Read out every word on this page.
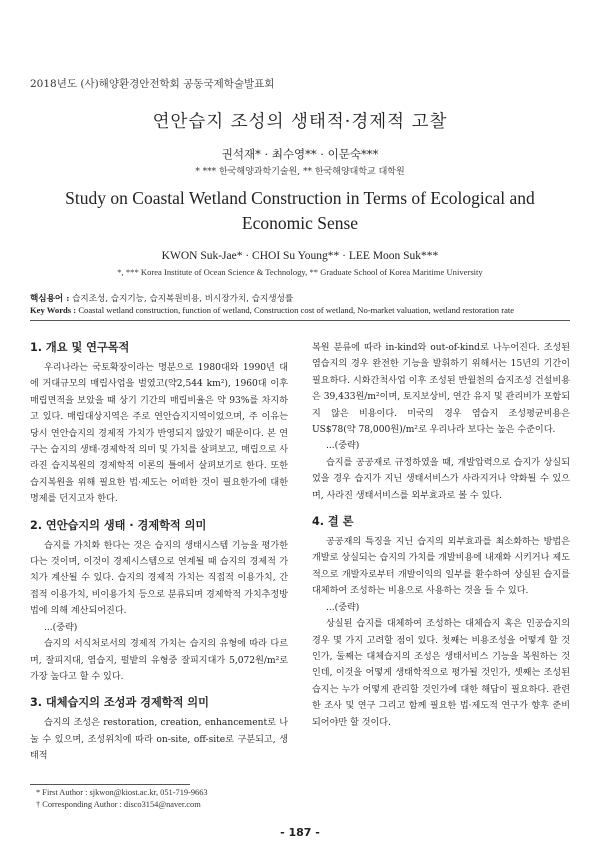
2018년도 (사)해양환경안전학회 공동국제학술발표회
연안습지 조성의 생태적·경제적 고찰
권석재* · 최수영** · 이문숙***
* *** 한국해양과학기술원, ** 한국해양대학교 대학원
Study on Coastal Wetland Construction in Terms of Ecological and Economic Sense
KWON Suk-Jae* · CHOI Su Young** · LEE Moon Suk***
*, *** Korea Institute of Ocean Science & Technology, ** Graduate School of Korea Maritime University
핵심용어 : 습지조성, 습지기능, 습지복원비용, 비시장가치, 습지생성률
Key Words : Coastal wetland construction, function of wetland, Construction cost of wetland, No-market valuation, wetland restoration rate
1. 개요 및 연구목적

우리나라는 국토확장이라는 명분으로 1980대와 1990년 대에 거대규모의 매립사업을 벌였고(약2,544 km²), 1960대 이후 매립면적을 보았을 때 상기 기간의 매립비율은 약 93%를 차지하고 있다. 매립대상지역은 주로 연안습지지역이었으며, 주 이유는 당시 연안습지의 경제적 가치가 반영되지 않았기 때문이다. 본 연구는 습지의 생태·경제학적 의미 및 가치를 살펴보고, 매립으로 사라진 습지복원의 경제학적 이론의 틀에서 살펴보기로 한다. 또한 습지복원을 위해 필요한 법·제도는 어떠한 것이 필요한가에 대한 명제를 던지고자 한다.

2. 연안습지의 생태 · 경제학적 의미

습지를 가치화 한다는 것은 습지의 생태시스템 기능을 평가한다는 것이며, 이것이 경제시스템으로 연계될 때 습지의 경제적 가치가 계산될 수 있다. 습지의 경제적 가치는 직접적 이용가치, 간접적 이용가치, 비이용가치 등으로 분류되며 경제학적 가치추정방법에 의해 계산되어진다.

...(중략)

습지의 서식처로서의 경제적 가치는 습지의 유형에 따라 다르며, 잘피지대, 염습지, 펄밭의 유형중 잘피지대가 5,072원/m²로 가장 높다고 할 수 있다.

3. 대체습지의 조성과 경제학적 의미

습지의 조성은 restoration, creation, enhancement로 나눌 수 있으며, 조성위치에 따라 on-site, off-site로 구분되고, 생태적

복원 분류에 따라 in-kind와 out-of-kind로 나누어진다. 조성된 염습지의 경우 완전한 기능을 발휘하기 위해서는 15년의 기간이 필요하다. 시화간척사업 이후 조성된 반월천의 습지조성 건설비용은 39,433원/m²이며, 토지보상비, 연간 유지 및 관리비가 포함되지 않은 비용이다. 미국의 경우 염습지 조성평균비용은 US$78(약 78,000원)/m²로 우리나라 보다는 높은 수준이다.

...(중략)

습지를 공공재로 규정하였을 때, 개발압력으로 습지가 상실되었을 경우 습지가 지닌 생태서비스가 사라지거나 약화될 수 있으며, 사라진 생태서비스를 외부효과로 볼 수 있다.

4. 결 론

공공재의 특징을 지닌 습지의 외부효과를 최소화하는 방법은 개발로 상실되는 습지의 가치를 개발비용에 내재화 시키거나 제도적으로 개발자로부터 개발이익의 일부를 환수하여 상실된 습지를 대체하여 조성하는 비용으로 사용하는 것을 들 수 있다.

...(중략)

상실된 습지를 대체하여 조성하는 대체습지 혹은 인공습지의 경우 몇 가지 고려할 점이 있다. 첫째는 비용조성을 어떻게 할 것인가, 둘째는 대체습지의 조성은 생태서비스 기능을 복원하는 것인데, 이것을 어떻게 생태학적으로 평가될 것인가, 셋째는 조성된 습지는 누가 어떻게 관리할 것인가에 대한 해답이 필요하다. 관련한 조사 및 연구 그리고 함께 필요한 법·제도적 연구가 향후 준비되어야만 할 것이다.

* First Author : sjkwon@kiost.ac.kr, 051-719-9663
† Corresponding Author : disco3154@naver.com
- 187 -
